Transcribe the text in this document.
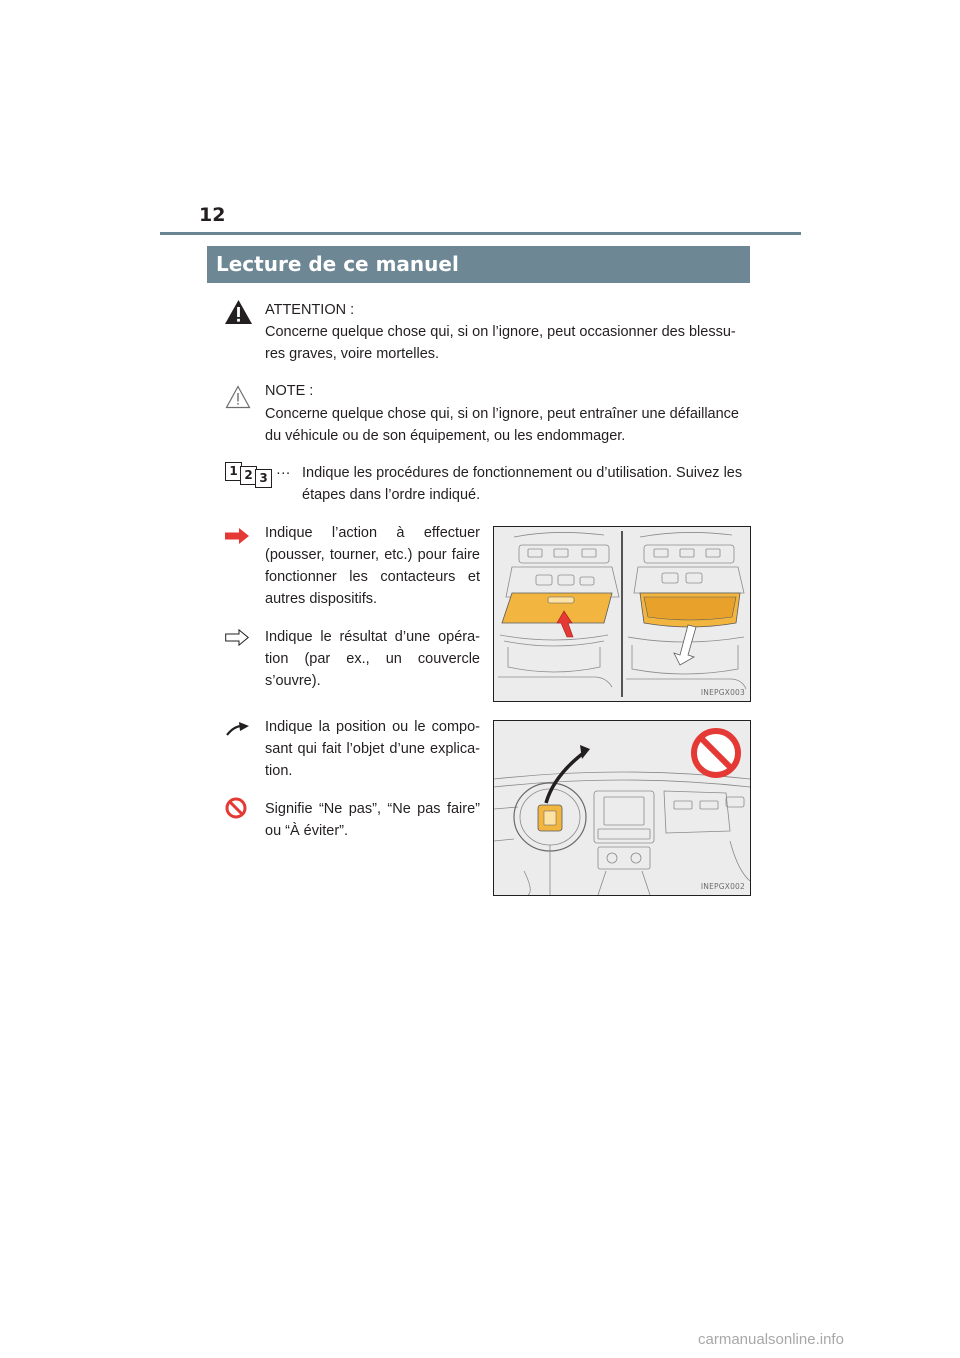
12
Lecture de ce manuel
ATTENTION :
Concerne quelque chose qui, si on l’ignore, peut occasionner des blessu-
res graves, voire mortelles.
NOTE :
Concerne quelque chose qui, si on l’ignore, peut entraîner une défaillance
du véhicule ou de son équipement, ou les endommager.
1 2 3 ··· Indique les procédures de fonctionnement ou d’utilisation. Suivez les
étapes dans l’ordre indiqué.
Indique l’action à effectuer (pousser, tourner, etc.) pour faire fonctionner les contacteurs et autres dispositifs.
Indique le résultat d’une opéra-tion (par ex., un couvercle s’ouvre).
Indique la position ou le compo-sant qui fait l’objet d’une explica-tion.
Signifie “Ne pas”, “Ne pas faire” ou “À éviter”.
INEPGX003
INEPGX002
carmanualsonline.info
